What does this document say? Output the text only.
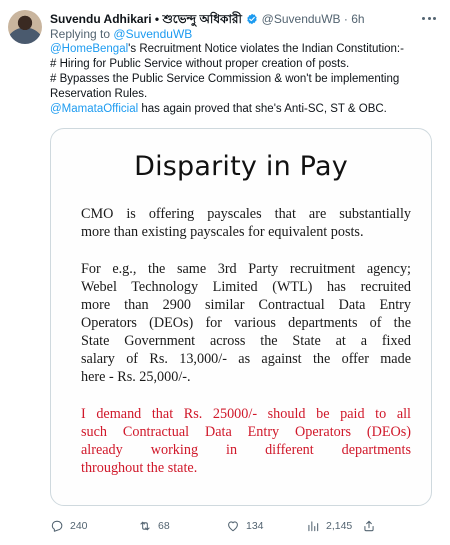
Suvendu Adhikari • শুভেন্দু অধিকারী @SuvenduWB · 6h
Replying to @SuvenduWB

@HomeBengal's Recruitment Notice violates the Indian Constitution:-

# Hiring for Public Service without proper creation of posts.

# Bypasses the Public Service Commission & won't be implementing

Reservation Rules.

@MamataOfficial has again proved that she's Anti-SC, ST & OBC.

Disparity in Pay
CMO is offering payscales that are substantially
more than existing payscales for equivalent posts.
For e.g., the same 3rd Party recruitment agency;
Webel Technology Limited (WTL) has recruited
more than 2900 similar Contractual Data Entry
Operators (DEOs) for various departments of the
State Government across the State at a fixed
salary of Rs. 13,000/- as against the offer made
here - Rs. 25,000/-.
I demand that Rs. 25000/- should be paid to all
such Contractual Data Entry Operators (DEOs)
already working in different departments
throughout the state.
240	68	134	2,145
